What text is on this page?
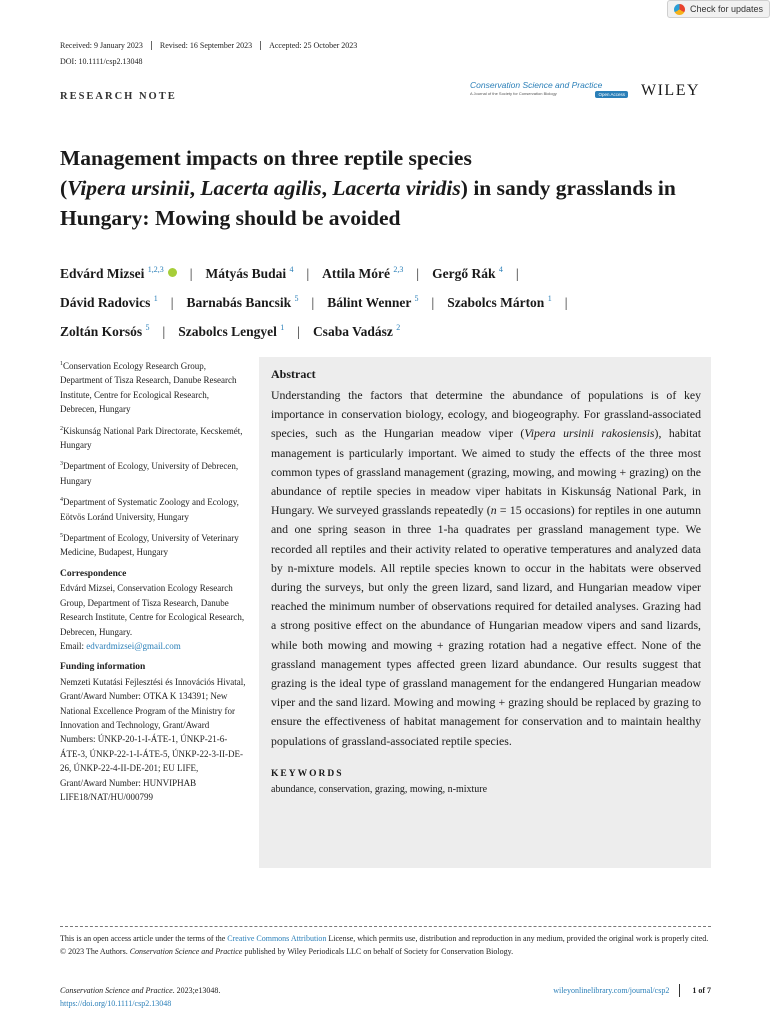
Check for updates
Received: 9 January 2023	Revised: 16 September 2023	Accepted: 25 October 2023
DOI: 10.1111/csp2.13048
RESEARCH NOTE
Conservation Science and Practice
A Journal of the Society for Conservation Biology	Open Access WILEY
Management impacts on three reptile species
(Vipera ursinii, Lacerta agilis, Lacerta viridis) in sandy grasslands in Hungary: Mowing should be avoided
Edvárd Mizsei $^{1,2,3}$ | Mátyás Budai $^4$ | Attila Móré $^{2,3}$ | Gergő Rák $^4$ |
Dávid Radovics $^1$ | Barnabás Bancsik $^5$ | Bálint Wenner $^5$ | Szabolcs Márton $^1$ |
Zoltán Korsós $^5$ | Szabolcs Lengyel $^1$ | Csaba Vadász $^2$
$^1$Conservation Ecology Research Group, Department of Tisza Research, Danube Research Institute, Centre for Ecological Research, Debrecen, Hungary
$^2$Kiskunság National Park Directorate, Kecskemét, Hungary
$^3$Department of Ecology, University of Debrecen, Hungary
$^4$Department of Systematic Zoology and Ecology, Eötvös Loránd University, Hungary
$^5$Department of Ecology, University of Veterinary Medicine, Budapest, Hungary
Correspondence
Edvárd Mizsei, Conservation Ecology Research Group, Department of Tisza Research, Danube Research Institute, Centre for Ecological Research, Debrecen, Hungary.
Email: edvardmizsei@gmail.com
Funding information
Nemzeti Kutatási Fejlesztési és Innovációs Hivatal, Grant/Award Number: OTKA K 134391; New National Excellence Program of the Ministry for Innovation and Technology, Grant/Award Numbers: ÚNKP-20-1-I-ÁTE-1, ÚNKP-21-6-ÁTE-3, ÚNKP-22-1-I-ÁTE-5, ÚNKP-22-3-II-DE-26, ÚNKP-22-4-II-DE-201; EU LIFE, Grant/Award Number: HUNVIPHAB LIFE18/NAT/HU/000799
Abstract

Understanding the factors that determine the abundance of populations is of key importance in conservation biology, ecology, and biogeography. For grassland-associated species, such as the Hungarian meadow viper (Vipera ursinii rakosiensis), habitat management is particularly important. We aimed to study the effects of the three most common types of grassland management (grazing, mowing, and mowing + grazing) on the abundance of reptile species in meadow viper habitats in Kiskunság National Park, in Hungary. We surveyed grasslands repeatedly (n = 15 occasions) for reptiles in one autumn and one spring season in three 1-ha quadrates per grassland management type. We recorded all reptiles and their activity related to operative temperatures and analyzed data by n-mixture models. All reptile species known to occur in the habitats were observed during the surveys, but only the green lizard, sand lizard, and Hungarian meadow viper reached the minimum number of observations required for detailed analyses. Grazing had a strong positive effect on the abundance of Hungarian meadow vipers and sand lizards, while both mowing and mowing + grazing rotation had a negative effect. None of the grassland management types affected green lizard abundance. Our results suggest that grazing is the ideal type of grassland management for the endangered Hungarian meadow viper and the sand lizard. Mowing and mowing + grazing should be replaced by grazing to ensure the effectiveness of habitat management for conservation and to maintain healthy populations of grassland-associated reptile species.

KEYWORDS
abundance, conservation, grazing, mowing, n-mixture
This is an open access article under the terms of the Creative Commons Attribution License, which permits use, distribution and reproduction in any medium, provided the original work is properly cited.
© 2023 The Authors. Conservation Science and Practice published by Wiley Periodicals LLC on behalf of Society for Conservation Biology.
Conservation Science and Practice. 2023;e13048.
https://doi.org/10.1111/csp2.13048
wileyonlinelibrary.com/journal/csp2	1 of 7
